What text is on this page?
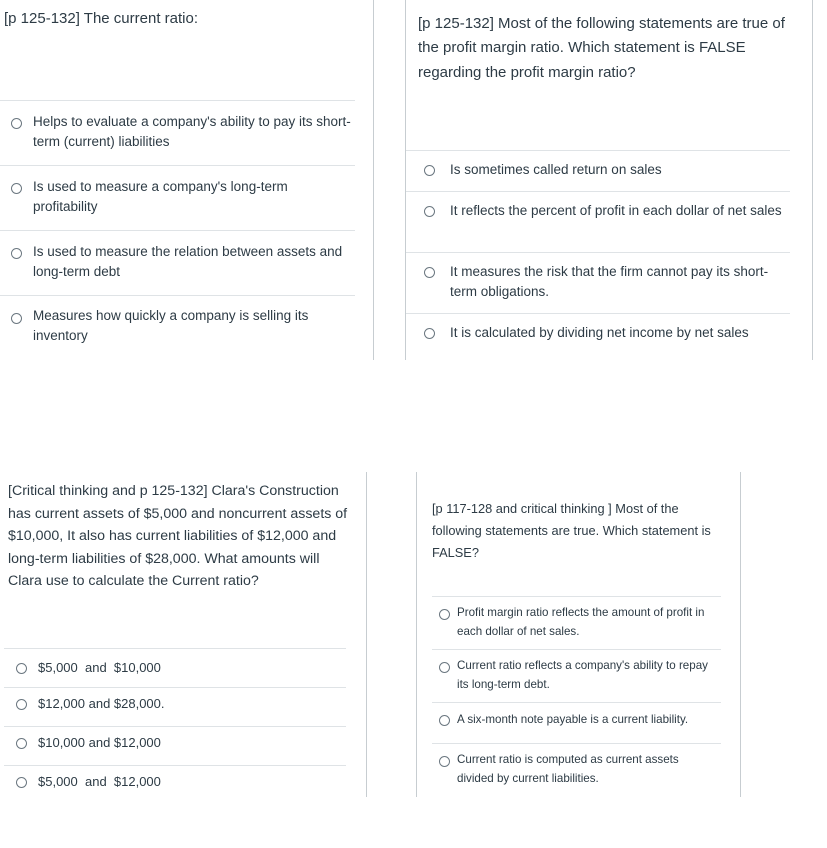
[p 125-132] The current ratio:
Helps to evaluate a company's ability to pay its short-term (current) liabilities
Is used to measure a company's long-term profitability
Is used to measure the relation between assets and long-term debt
Measures how quickly a company is selling its inventory
[p 125-132] Most of the following statements are true of the profit margin ratio. Which statement is FALSE regarding the profit margin ratio?
Is sometimes called return on sales
It reflects the percent of profit in each dollar of net sales
It measures the risk that the firm cannot pay its short-term obligations.
It is calculated by dividing net income by net sales
[Critical thinking and p 125-132] Clara's Construction has current assets of $5,000 and noncurrent assets of $10,000, It also has current liabilities of $12,000 and long-term liabilities of $28,000. What amounts will Clara use to calculate the Current ratio?
$5,000  and  $10,000
$12,000 and $28,000.
$10,000 and $12,000
$5,000  and  $12,000
[p 117-128 and critical thinking ] Most of the following statements are true. Which statement is FALSE?
Profit margin ratio reflects the amount of profit in each dollar of net sales.
Current ratio reflects a company's ability to repay its long-term debt.
A six-month note payable is a current liability.
Current ratio is computed as current assets divided by current liabilities.
